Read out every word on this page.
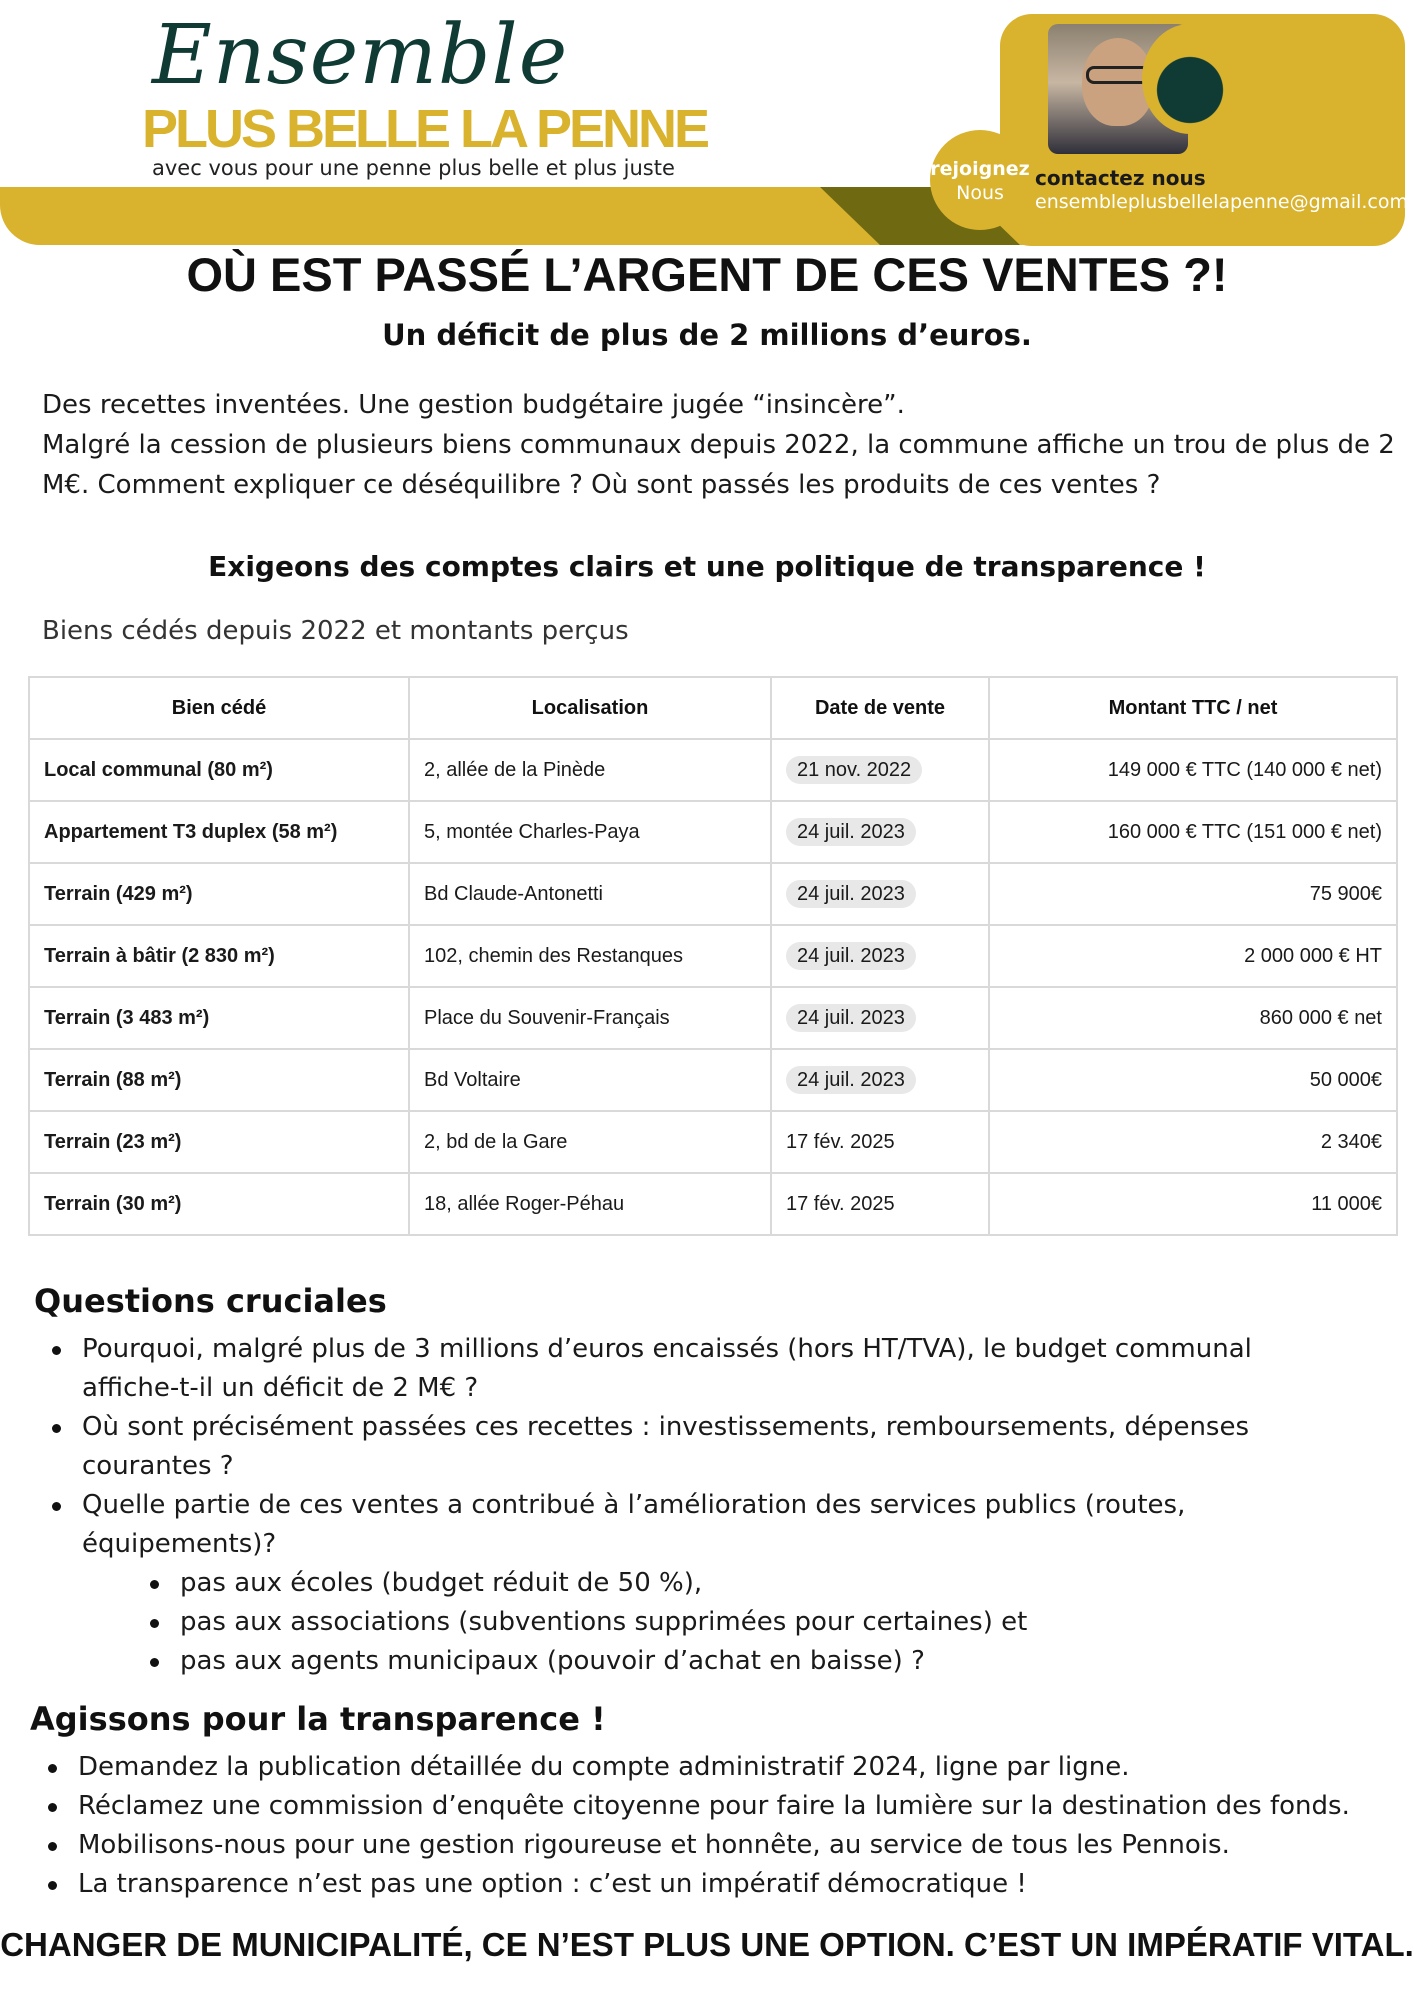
Ensemble
PLUS BELLE LA PENNE
avec vous pour une penne plus belle et plus juste	rejoignez
Nous
contactez nous
ensembleplusbellelapenne@gmail.com
OÙ EST PASSÉ L’ARGENT DE CES VENTES ?!
Un déficit de plus de 2 millions d’euros.

Des recettes inventées. Une gestion budgétaire jugée “insincère”.

Malgré la cession de plusieurs biens communaux depuis 2022, la commune affiche un trou de plus de 2 M€. Comment expliquer ce déséquilibre ? Où sont passés les produits de ces ventes ?

Exigeons des comptes clairs et une politique de transparence !
Biens cédés depuis 2022 et montants perçus
Bien cédé	Localisation	Date de vente	Montant TTC / net
Local communal (80 m²)	2, allée de la Pinède	21 nov. 2022	149 000 € TTC (140 000 € net)
Appartement T3 duplex (58 m²)	5, montée Charles-Paya	24 juil. 2023	160 000 € TTC (151 000 € net)
Terrain (429 m²)	Bd Claude-Antonetti	24 juil. 2023	75 900€
Terrain à bâtir (2 830 m²)	102, chemin des Restanques	24 juil. 2023	2 000 000 € HT
Terrain (3 483 m²)	Place du Souvenir-Français	24 juil. 2023	860 000 € net
Terrain (88 m²)	Bd Voltaire	24 juil. 2023	50 000€
Terrain (23 m²)	2, bd de la Gare	17 fév. 2025	2 340€
Terrain (30 m²)	18, allée Roger-Péhau	17 fév. 2025	11 000€
Questions cruciales
Pourquoi, malgré plus de 3 millions d’euros encaissés (hors HT/TVA), le budget communal affiche-t-il un déficit de 2 M€ ?
Où sont précisément passées ces recettes : investissements, remboursements, dépenses courantes ?
Quelle partie de ces ventes a contribué à l’amélioration des services publics (routes, équipements)?
pas aux écoles (budget réduit de 50 %),
pas aux associations (subventions supprimées pour certaines) et
pas aux agents municipaux (pouvoir d’achat en baisse) ?
Agissons pour la transparence !
Demandez la publication détaillée du compte administratif 2024, ligne par ligne.
Réclamez une commission d’enquête citoyenne pour faire la lumière sur la destination des fonds.
Mobilisons-nous pour une gestion rigoureuse et honnête, au service de tous les Pennois.
La transparence n’est pas une option : c’est un impératif démocratique !
CHANGER DE MUNICIPALITÉ, CE N’EST PLUS UNE OPTION. C’EST UN IMPÉRATIF VITAL.
